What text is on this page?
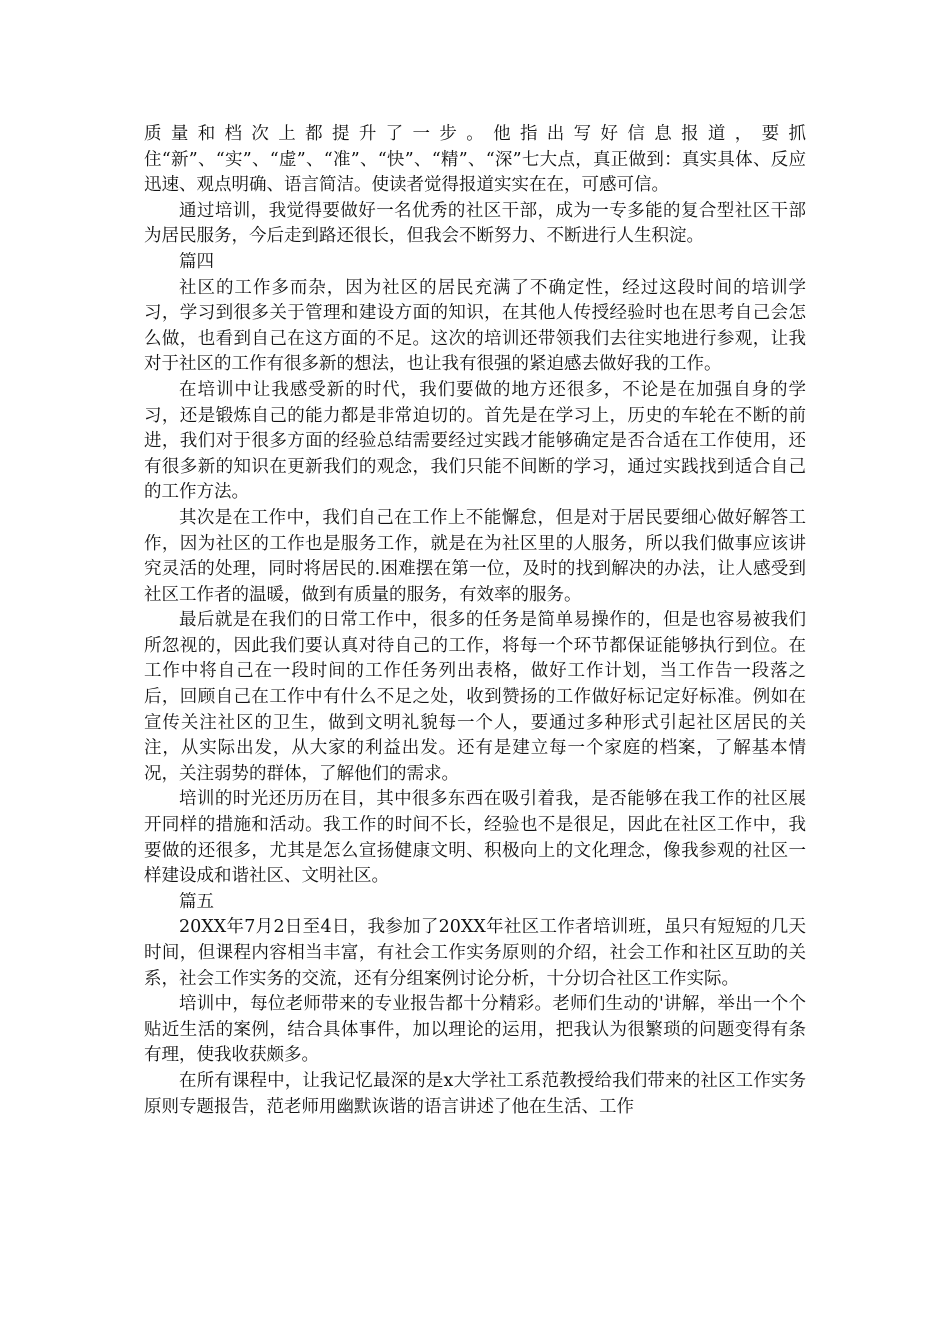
质量和档次上都提升了一步。他指出写好信息报道，要抓住“新”、“实”、“虚”、“准”、“快”、“精”、“深”七大点，真正做到：真实具体、反应迅速、观点明确、语言简洁。使读者觉得报道实实在在，可感可信。

通过培训，我觉得要做好一名优秀的社区干部，成为一专多能的复合型社区干部为居民服务，今后走到路还很长，但我会不断努力、不断进行人生积淀。

篇四

社区的工作多而杂，因为社区的居民充满了不确定性，经过这段时间的培训学习，学习到很多关于管理和建设方面的知识，在其他人传授经验时也在思考自己会怎么做，也看到自己在这方面的不足。这次的培训还带领我们去往实地进行参观，让我对于社区的工作有很多新的想法，也让我有很强的紧迫感去做好我的工作。

在培训中让我感受新的时代，我们要做的地方还很多，不论是在加强自身的学习，还是锻炼自己的能力都是非常迫切的。首先是在学习上，历史的车轮在不断的前进，我们对于很多方面的经验总结需要经过实践才能够确定是否合适在工作使用，还有很多新的知识在更新我们的观念，我们只能不间断的学习，通过实践找到适合自己的工作方法。

其次是在工作中，我们自己在工作上不能懈怠，但是对于居民要细心做好解答工作，因为社区的工作也是服务工作，就是在为社区里的人服务，所以我们做事应该讲究灵活的处理，同时将居民的.困难摆在第一位，及时的找到解决的办法，让人感受到社区工作者的温暖，做到有质量的服务，有效率的服务。

最后就是在我们的日常工作中，很多的任务是简单易操作的，但是也容易被我们所忽视的，因此我们要认真对待自己的工作，将每一个环节都保证能够执行到位。在工作中将自己在一段时间的工作任务列出表格，做好工作计划，当工作告一段落之后，回顾自己在工作中有什么不足之处，收到赞扬的工作做好标记定好标准。例如在宣传关注社区的卫生，做到文明礼貌每一个人，要通过多种形式引起社区居民的关注，从实际出发，从大家的利益出发。还有是建立每一个家庭的档案，了解基本情况，关注弱势的群体，了解他们的需求。

培训的时光还历历在目，其中很多东西在吸引着我，是否能够在我工作的社区展开同样的措施和活动。我工作的时间不长，经验也不是很足，因此在社区工作中，我要做的还很多，尤其是怎么宣扬健康文明、积极向上的文化理念，像我参观的社区一样建设成和谐社区、文明社区。

篇五

20XX年7月2日至4日，我参加了20XX年社区工作者培训班，虽只有短短的几天时间，但课程内容相当丰富，有社会工作实务原则的介绍，社会工作和社区互助的关系，社会工作实务的交流，还有分组案例讨论分析，十分切合社区工作实际。

培训中，每位老师带来的专业报告都十分精彩。老师们生动的'讲解，举出一个个贴近生活的案例，结合具体事件，加以理论的运用，把我认为很繁琐的问题变得有条有理，使我收获颇多。

在所有课程中，让我记忆最深的是x大学社工系范教授给我们带来的社区工作实务原则专题报告，范老师用幽默诙谐的语言讲述了他在生活、工作
